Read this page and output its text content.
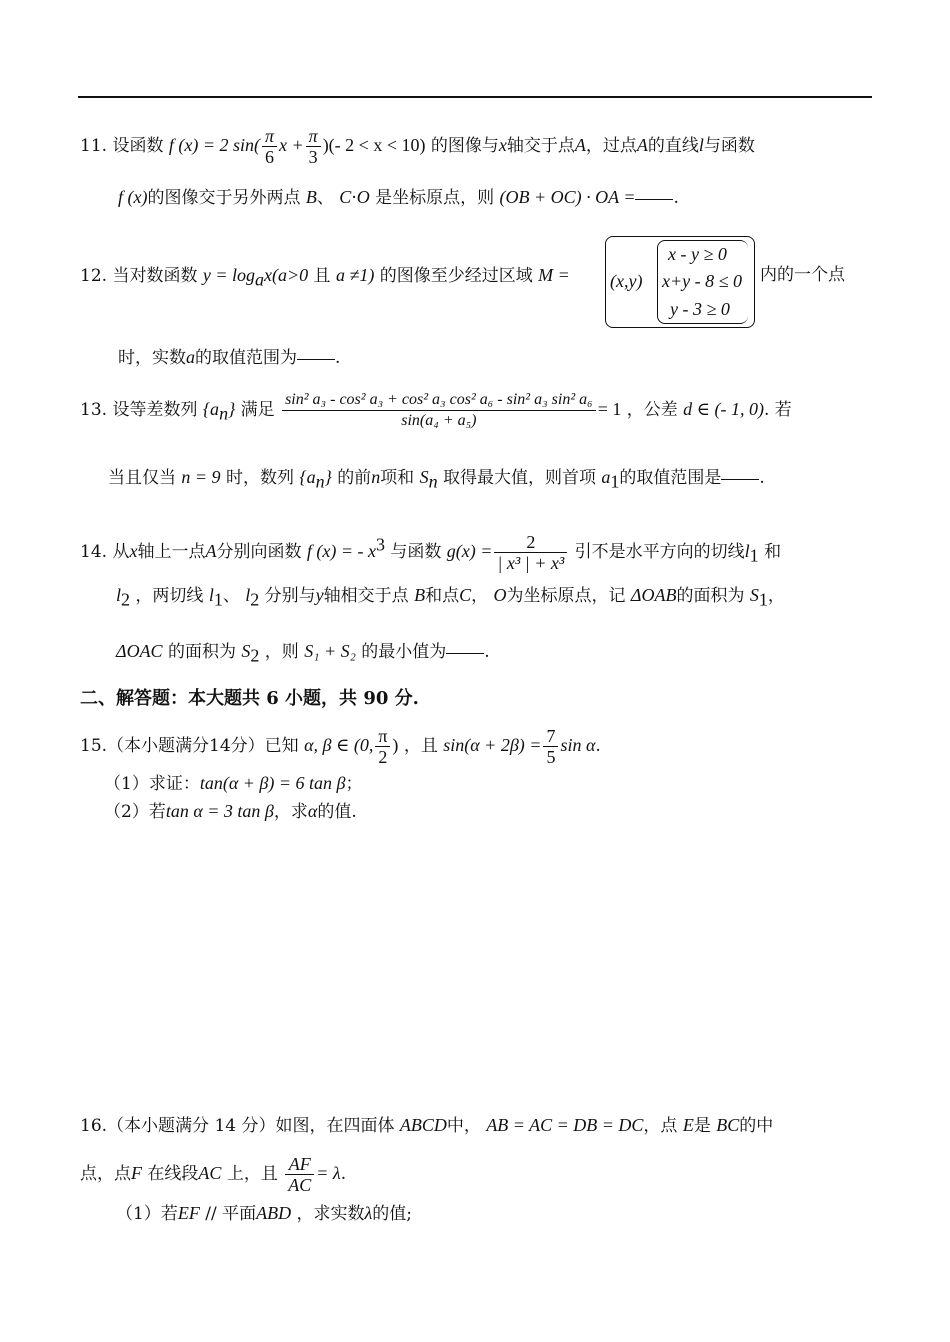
11. 设函数 f (x) = 2 $\sin( \frac{\pi}{6}$ $x + \frac{\pi}{3}$ )(- 2 < x < 10) 的图像与x轴交于点A，过点A的直线l与函数
f (x)的图像交于另外两点 B、 C·O 是坐标原点，则 (OB + OC) · OA = .
12. 当对数函数 $y = \log_ax(a>0$ 且 a ≠1) 的图像至少经过区域 M = (x,y)
x - y ≥ 0
x+y - 8 ≤ 0
y - 3 ≥ 0
内的一个点
时，实数a的取值范围为 .
13. 设等差数列 $\{a_n\}$ 满足 $\frac{\text{sin² a₃ - cos² a₃ + cos² a₃ cos² a₆ - sin² a₃ sin² a₆}}{\text{sin(a₄ + a₅)}} = 1$ ，公差 d ∈ (- 1, 0). 若
当且仅当 n = 9 时，数列 $\{a_n\}$ 的前n项和 $S_n$ 取得最大值，则首项 $a_1$的取值范围是 .
14. 从x轴上一点A分别向函数 f (x) = - $x^3$ 与函数 $g(x) = \frac{2}{\text{| x³ | + x³}}$ 引不是水平方向的切线$l_1$ 和
$l_2$ ，两切线 $l_1$、 $l_2$ 分别与y轴相交于点 B和点C， O为坐标原点，记 ΔOAB的面积为 $S_1$，
ΔOAC 的面积为 $S_2$ ，则 S₁ + S₂ 的最小值为 .
二、解答题：本大题共 6 小题，共 90 分.
15.（本小题满分14分）已知 α, β ∈ (0, $\frac{\pi}{2}$ ) ，且 $\sin(\alpha + 2\beta) = \frac{7}{5}$ sin α.
（1）求证：tan(α + β) = 6 tan β；
（2）若tan α = 3 tan β，求α的值.
16.（本小题满分 14 分）如图，在四面体 ABCD中， AB = AC = DB = DC，点 E是 BC的中
点，点F 在线段AC 上，且 $\frac{AF}{AC} = \lambda$.
（1）若EF // 平面ABD ，求实数λ的值;
